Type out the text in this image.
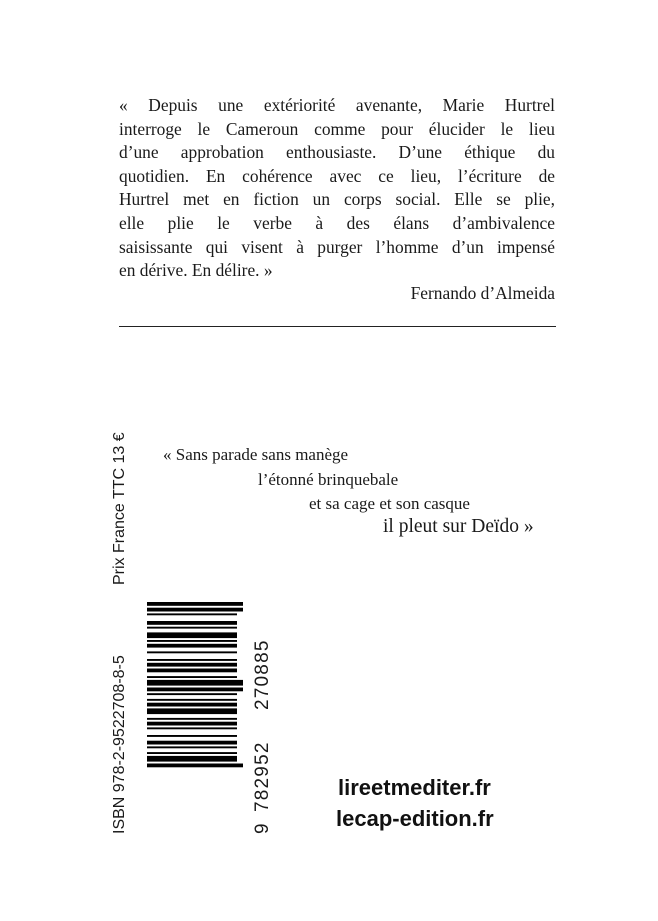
« Depuis une extériorité avenante, Marie Hurtrel
interroge le Cameroun comme pour élucider le lieu
d’une approbation enthousiaste. D’une éthique du
quotidien. En cohérence avec ce lieu, l’écriture de
Hurtrel met en fiction un corps social. Elle se plie,
elle plie le verbe à des élans d’ambivalence
saisissante qui visent à purger l’homme d’un impensé
en dérive. En délire. »
Fernando d’Almeida
Prix France TTC 13 € « Sans parade sans manège
l’étonné brinquebale
et sa cage et son casque
il pleut sur Deïdo »
ISBN 978-2-9522708-8-5	9782952270885
lireetmediter.fr
lecap-edition.fr
